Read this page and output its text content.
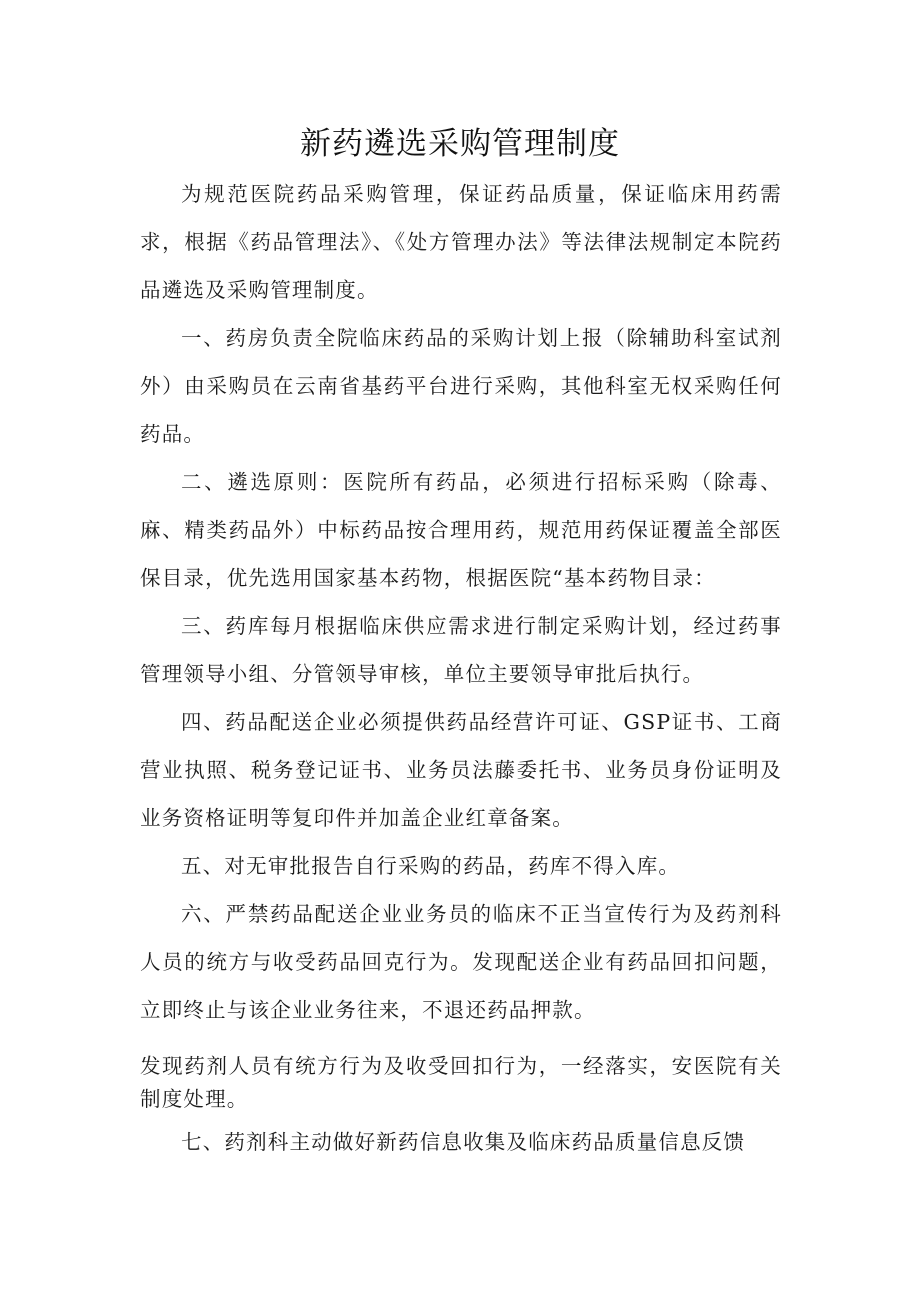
新药遴选采购管理制度

为规范医院药品采购管理，保证药品质量，保证临床用药需求，根据《药品管理法》、《处方管理办法》等法律法规制定本院药品遴选及采购管理制度。

一、药房负责全院临床药品的采购计划上报（除辅助科室试剂外）由采购员在云南省基药平台进行采购，其他科室无权采购任何药品。

二、遴选原则：医院所有药品，必须进行招标采购（除毒、麻、精类药品外）中标药品按合理用药，规范用药保证覆盖全部医保目录，优先选用国家基本药物，根据医院“基本药物目录：

三、药库每月根据临床供应需求进行制定采购计划，经过药事管理领导小组、分管领导审核，单位主要领导审批后执行。

四、药品配送企业必须提供药品经营许可证、GSP证书、工商营业执照、税务登记证书、业务员法藤委托书、业务员身份证明及业务资格证明等复印件并加盖企业红章备案。

五、对无审批报告自行采购的药品，药库不得入库。

六、严禁药品配送企业业务员的临床不正当宣传行为及药剂科人员的统方与收受药品回克行为。发现配送企业有药品回扣问题，立即终止与该企业业务往来，不退还药品押款。

发现药剂人员有统方行为及收受回扣行为，一经落实，安医院有关制度处理。

七、药剂科主动做好新药信息收集及临床药品质量信息反馈
